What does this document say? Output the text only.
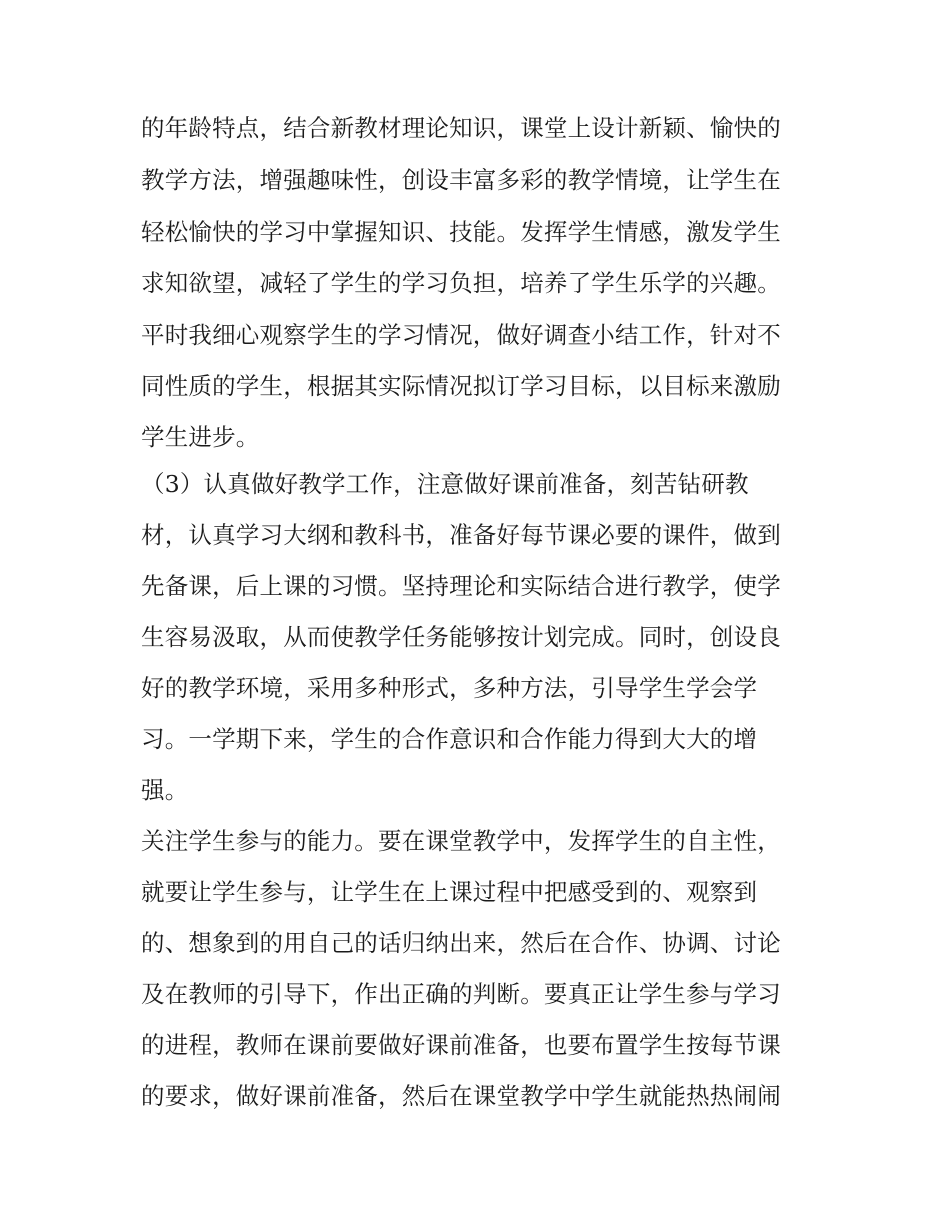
的年龄特点，结合新教材理论知识，课堂上设计新颖、愉快的
教学方法，增强趣味性，创设丰富多彩的教学情境，让学生在
轻松愉快的学习中掌握知识、技能。发挥学生情感，激发学生
求知欲望，减轻了学生的学习负担，培养了学生乐学的兴趣。
平时我细心观察学生的学习情况，做好调查小结工作，针对不
同性质的学生，根据其实际情况拟订学习目标，以目标来激励
学生进步。
（3）认真做好教学工作，注意做好课前准备，刻苦钻研教
材，认真学习大纲和教科书，准备好每节课必要的课件，做到
先备课，后上课的习惯。坚持理论和实际结合进行教学，使学
生容易汲取，从而使教学任务能够按计划完成。同时，创设良
好的教学环境，采用多种形式，多种方法，引导学生学会学
习。一学期下来，学生的合作意识和合作能力得到大大的增
强。
关注学生参与的能力。要在课堂教学中，发挥学生的自主性，
就要让学生参与，让学生在上课过程中把感受到的、观察到
的、想象到的用自己的话归纳出来，然后在合作、协调、讨论
及在教师的引导下，作出正确的判断。要真正让学生参与学习
的进程，教师在课前要做好课前准备，也要布置学生按每节课
的要求，做好课前准备，然后在课堂教学中学生就能热热闹闹
